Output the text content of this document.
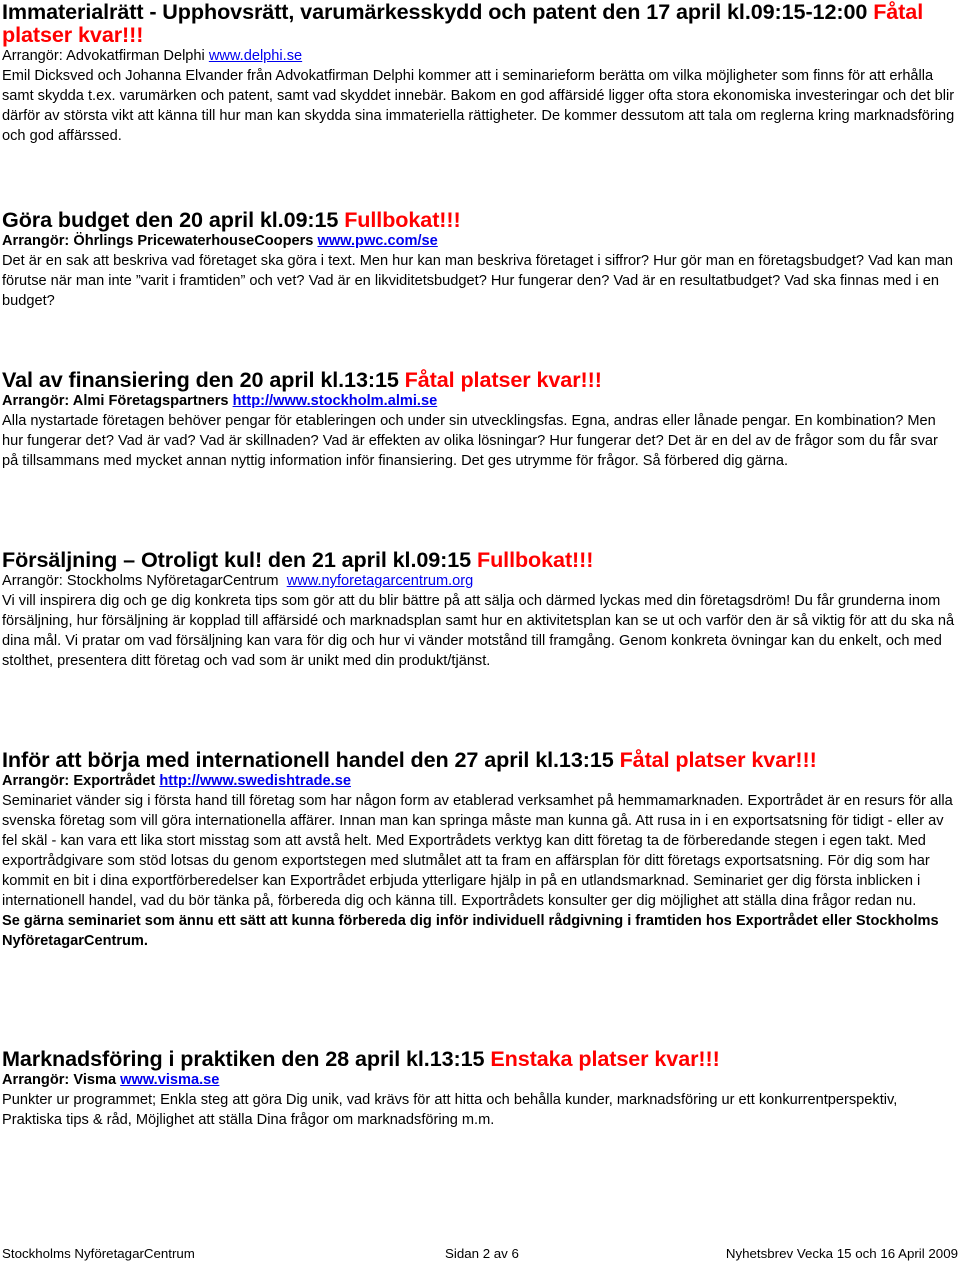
Immaterialrätt - Upphovsrätt, varumärkesskydd och patent den 17 april kl.09:15-12:00 Fåtal platser kvar!!!

Arrangör: Advokatfirman Delphi www.delphi.se

Emil Dicksved och Johanna Elvander från Advokatfirman Delphi kommer att i seminarieform berätta om vilka möjligheter som finns för att erhålla samt skydda t.ex. varumärken och patent, samt vad skyddet innebär. Bakom en god affärsidé ligger ofta stora ekonomiska investeringar och det blir därför av största vikt att känna till hur man kan skydda sina immateriella rättigheter. De kommer dessutom att tala om reglerna kring marknadsföring och god affärssed.

Göra budget den 20 april kl.09:15 Fullbokat!!!

Arrangör: Öhrlings PricewaterhouseCoopers www.pwc.com/se

Det är en sak att beskriva vad företaget ska göra i text. Men hur kan man beskriva företaget i siffror? Hur gör man en företagsbudget? Vad kan man förutse när man inte ”varit i framtiden” och vet? Vad är en likviditetsbudget? Hur fungerar den? Vad är en resultatbudget? Vad ska finnas med i en budget?

Val av finansiering den 20 april kl.13:15 Fåtal platser kvar!!!

Arrangör: Almi Företagspartners http://www.stockholm.almi.se

Alla nystartade företagen behöver pengar för etableringen och under sin utvecklingsfas. Egna, andras eller lånade pengar. En kombination? Men hur fungerar det? Vad är vad? Vad är skillnaden? Vad är effekten av olika lösningar? Hur fungerar det? Det är en del av de frågor som du får svar på tillsammans med mycket annan nyttig information inför finansiering. Det ges utrymme för frågor. Så förbered dig gärna.

Försäljning – Otroligt kul! den 21 april kl.09:15 Fullbokat!!!

Arrangör: Stockholms NyföretagarCentrum  www.nyforetagarcentrum.org

Vi vill inspirera dig och ge dig konkreta tips som gör att du blir bättre på att sälja och därmed lyckas med din företagsdröm! Du får grunderna inom försäljning, hur försäljning är kopplad till affärsidé och marknadsplan samt hur en aktivitetsplan kan se ut och varför den är så viktig för att du ska nå dina mål. Vi pratar om vad försäljning kan vara för dig och hur vi vänder motstånd till framgång. Genom konkreta övningar kan du enkelt, och med stolthet, presentera ditt företag och vad som är unikt med din produkt/tjänst.

Inför att börja med internationell handel den 27 april kl.13:15 Fåtal platser kvar!!!

Arrangör: Exportrådet http://www.swedishtrade.se

Seminariet vänder sig i första hand till företag som har någon form av etablerad verksamhet på hemmamarknaden. Exportrådet är en resurs för alla svenska företag som vill göra internationella affärer. Innan man kan springa måste man kunna gå. Att rusa in i en exportsatsning för tidigt - eller av fel skäl - kan vara ett lika stort misstag som att avstå helt. Med Exportrådets verktyg kan ditt företag ta de förberedande stegen i egen takt. Med exportrådgivare som stöd lotsas du genom exportstegen med slutmålet att ta fram en affärsplan för ditt företags exportsatsning. För dig som har kommit en bit i dina exportförberedelser kan Exportrådet erbjuda ytterligare hjälp in på en utlandsmarknad. Seminariet ger dig första inblicken i internationell handel, vad du bör tänka på, förbereda dig och känna till. Exportrådets konsulter ger dig möjlighet att ställa dina frågor redan nu.

Se gärna seminariet som ännu ett sätt att kunna förbereda dig inför individuell rådgivning i framtiden hos Exportrådet eller Stockholms NyföretagarCentrum.

Marknadsföring i praktiken den 28 april kl.13:15 Enstaka platser kvar!!!

Arrangör: Visma www.visma.se

Punkter ur programmet; Enkla steg att göra Dig unik, vad krävs för att hitta och behålla kunder, marknadsföring ur ett konkurrentperspektiv, Praktiska tips & råd, Möjlighet att ställa Dina frågor om marknadsföring m.m.

Stockholms NyföretagarCentrum	Sidan 2 av 6	Nyhetsbrev Vecka 15 och 16 April 2009
